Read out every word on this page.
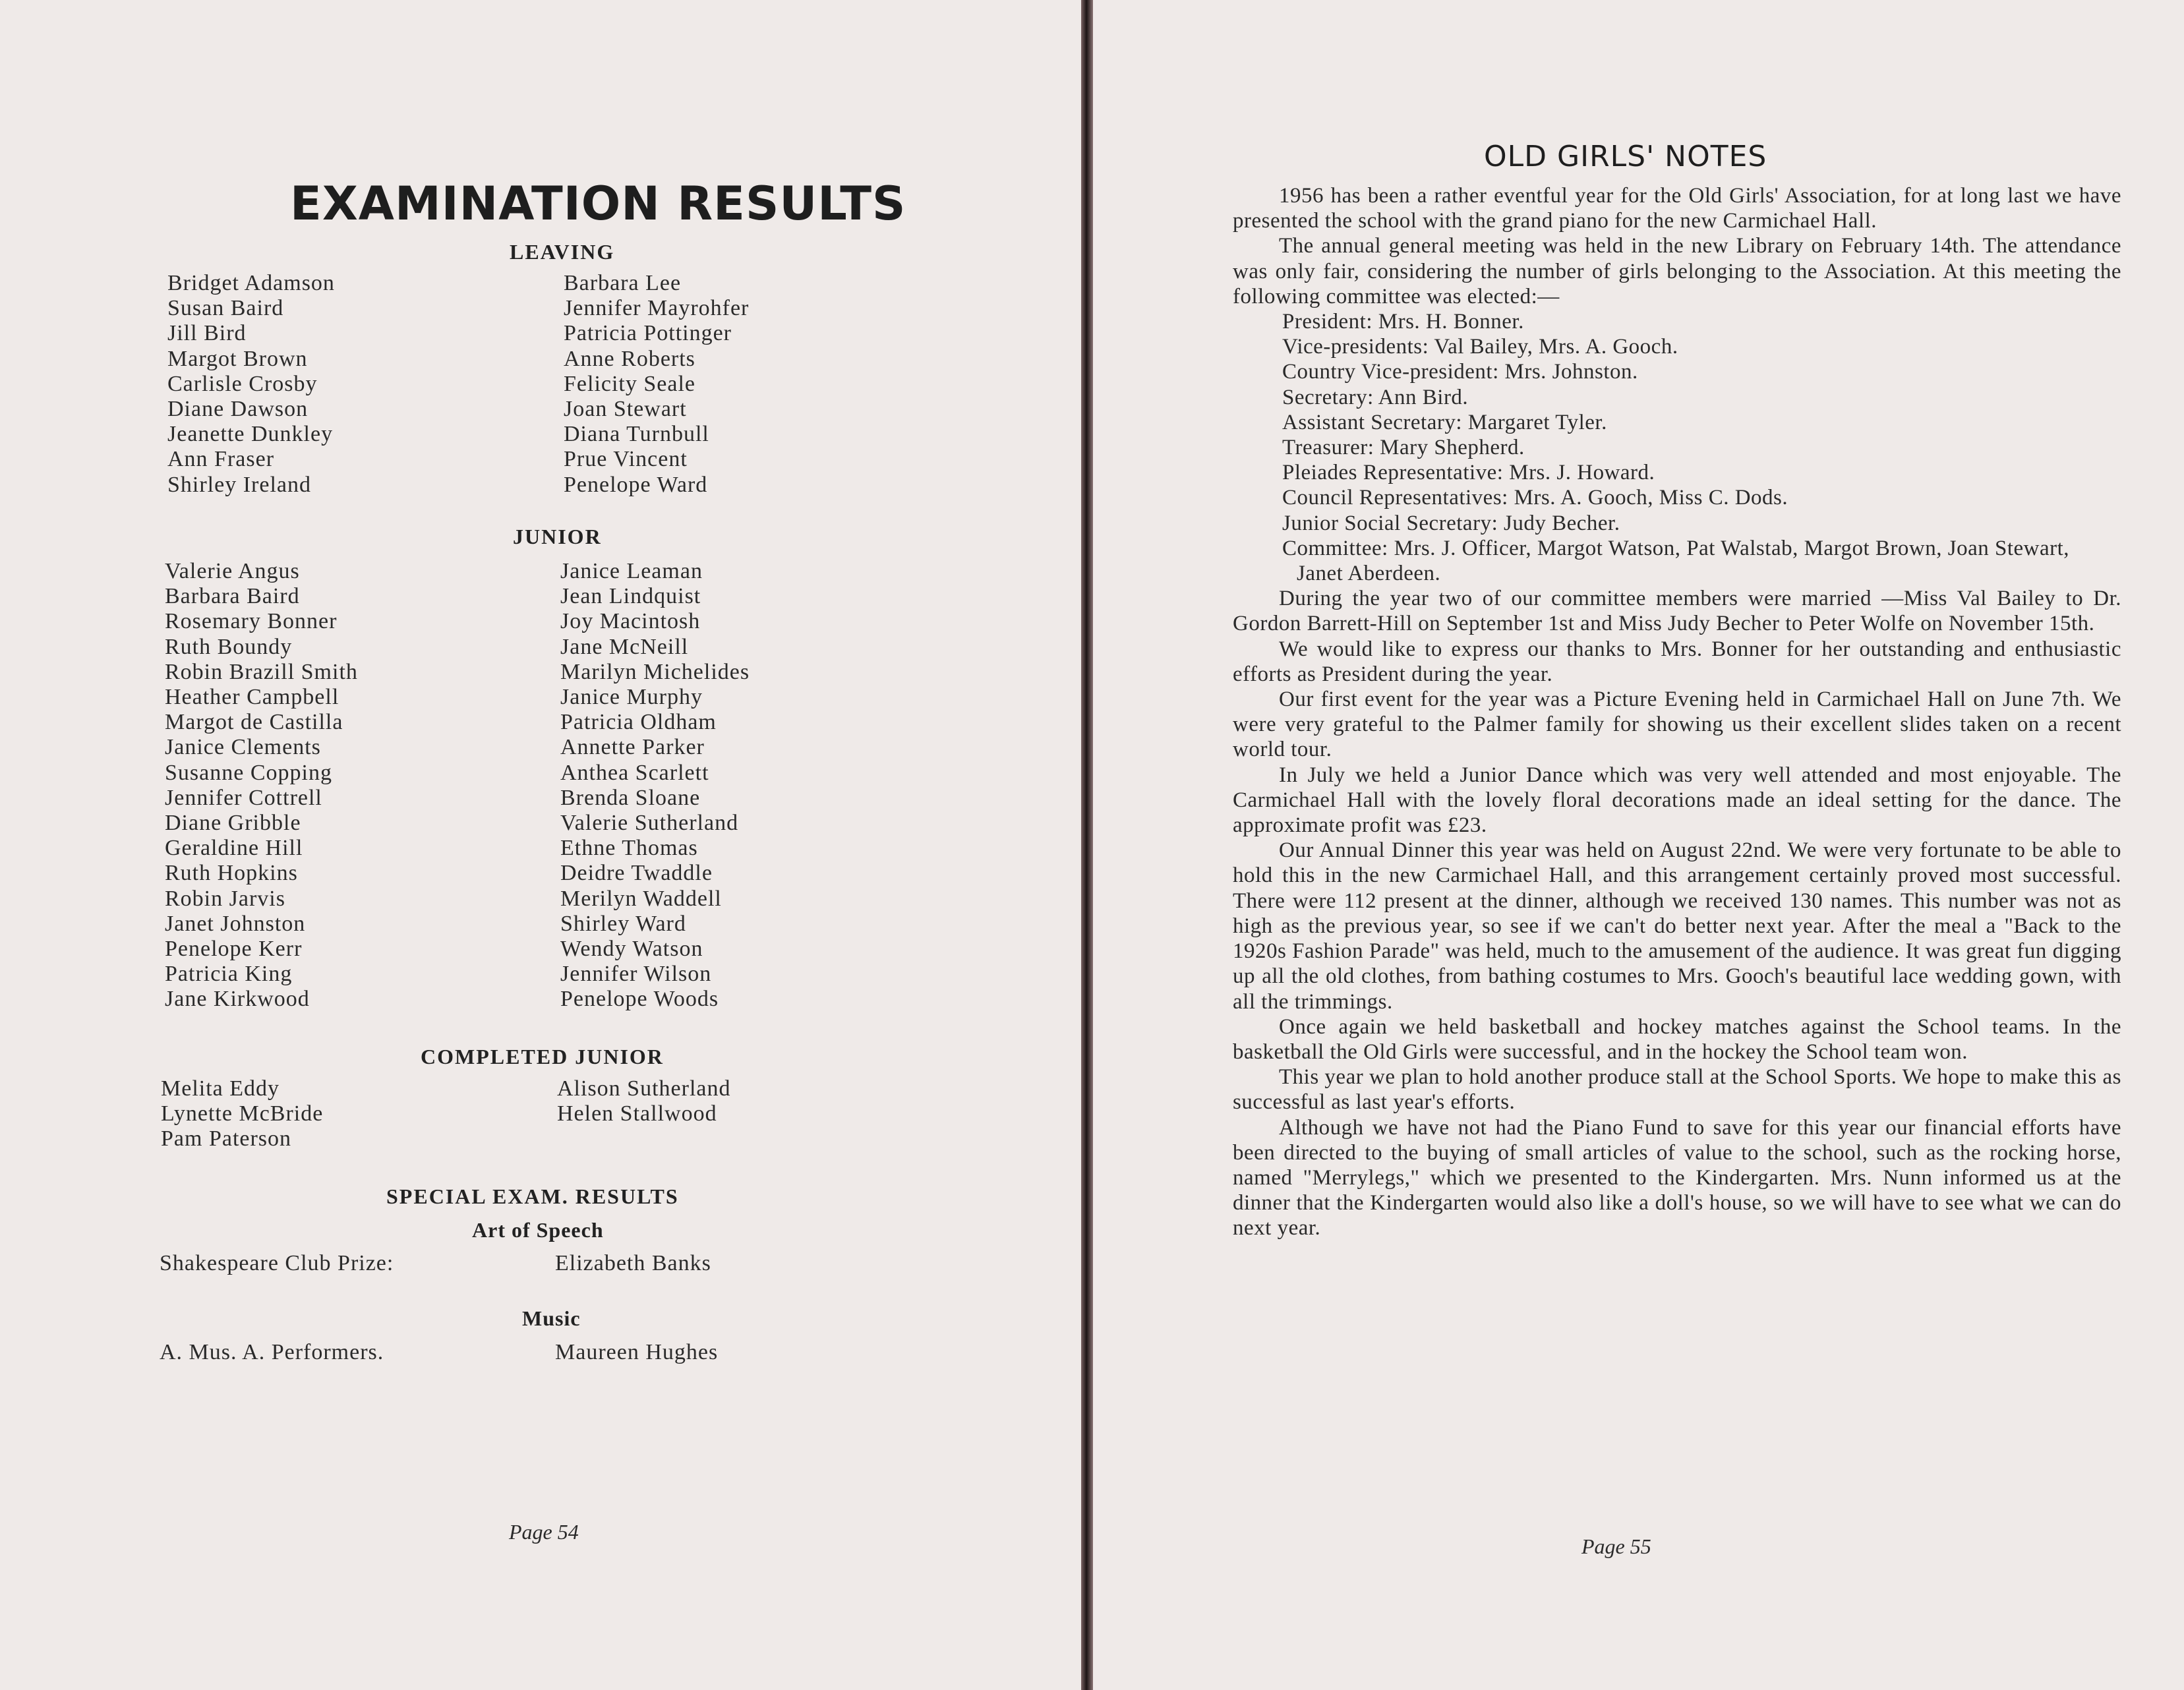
EXAMINATION RESULTS
LEAVING
Bridget Adamson
Susan Baird
Jill Bird
Margot Brown
Carlisle Crosby
Diane Dawson
Jeanette Dunkley
Ann Fraser
Shirley Ireland
Barbara Lee
Jennifer Mayrohfer
Patricia Pottinger
Anne Roberts
Felicity Seale
Joan Stewart
Diana Turnbull
Prue Vincent
Penelope Ward
JUNIOR
Valerie Angus
Barbara Baird
Rosemary Bonner
Ruth Boundy
Robin Brazill Smith
Heather Campbell
Margot de Castilla
Janice Clements
Susanne Copping
Jennifer Cottrell
Diane Gribble
Geraldine Hill
Ruth Hopkins
Robin Jarvis
Janet Johnston
Penelope Kerr
Patricia King
Jane Kirkwood
Janice Leaman
Jean Lindquist
Joy Macintosh
Jane McNeill
Marilyn Michelides
Janice Murphy
Patricia Oldham
Annette Parker
Anthea Scarlett
Brenda Sloane
Valerie Sutherland
Ethne Thomas
Deidre Twaddle
Merilyn Waddell
Shirley Ward
Wendy Watson
Jennifer Wilson
Penelope Woods
COMPLETED JUNIOR
Melita Eddy
Lynette McBride
Pam Paterson
Alison Sutherland
Helen Stallwood
SPECIAL EXAM. RESULTS
Art of Speech
Shakespeare Club Prize:	Elizabeth Banks
Music
A. Mus. A. Performers.	Maureen Hughes
Page 54
OLD GIRLS' NOTES

1956 has been a rather eventful year for the Old Girls' Association, for at long last we have presented the school with the grand piano for the new Carmichael Hall.

The annual general meeting was held in the new Library on February 14th. The attendance was only fair, considering the number of girls belonging to the Association. At this meeting the following committee was elected:—

President: Mrs. H. Bonner.
Vice-presidents: Val Bailey, Mrs. A. Gooch.
Country Vice-president: Mrs. Johnston.
Secretary: Ann Bird.
Assistant Secretary: Margaret Tyler.
Treasurer: Mary Shepherd.
Pleiades Representative: Mrs. J. Howard.
Council Representatives: Mrs. A. Gooch, Miss C. Dods.
Junior Social Secretary: Judy Becher.
Committee: Mrs. J. Officer, Margot Watson, Pat Walstab, Margot Brown, Joan Stewart, Janet Aberdeen.

During the year two of our committee members were married —Miss Val Bailey to Dr. Gordon Barrett-Hill on September 1st and Miss Judy Becher to Peter Wolfe on November 15th.

We would like to express our thanks to Mrs. Bonner for her outstanding and enthusiastic efforts as President during the year.

Our first event for the year was a Picture Evening held in Carmichael Hall on June 7th. We were very grateful to the Palmer family for showing us their excellent slides taken on a recent world tour.

In July we held a Junior Dance which was very well attended and most enjoyable. The Carmichael Hall with the lovely floral decorations made an ideal setting for the dance. The approximate profit was £23.

Our Annual Dinner this year was held on August 22nd. We were very fortunate to be able to hold this in the new Carmichael Hall, and this arrangement certainly proved most successful. There were 112 present at the dinner, although we received 130 names. This number was not as high as the previous year, so see if we can't do better next year. After the meal a "Back to the 1920s Fashion Parade" was held, much to the amusement of the audience. It was great fun digging up all the old clothes, from bathing costumes to Mrs. Gooch's beautiful lace wedding gown, with all the trimmings.

Once again we held basketball and hockey matches against the School teams. In the basketball the Old Girls were successful, and in the hockey the School team won.

This year we plan to hold another produce stall at the School Sports. We hope to make this as successful as last year's efforts.

Although we have not had the Piano Fund to save for this year our financial efforts have been directed to the buying of small articles of value to the school, such as the rocking horse, named "Merrylegs," which we presented to the Kindergarten. Mrs. Nunn informed us at the dinner that the Kindergarten would also like a doll's house, so we will have to see what we can do next year.

Page 55
